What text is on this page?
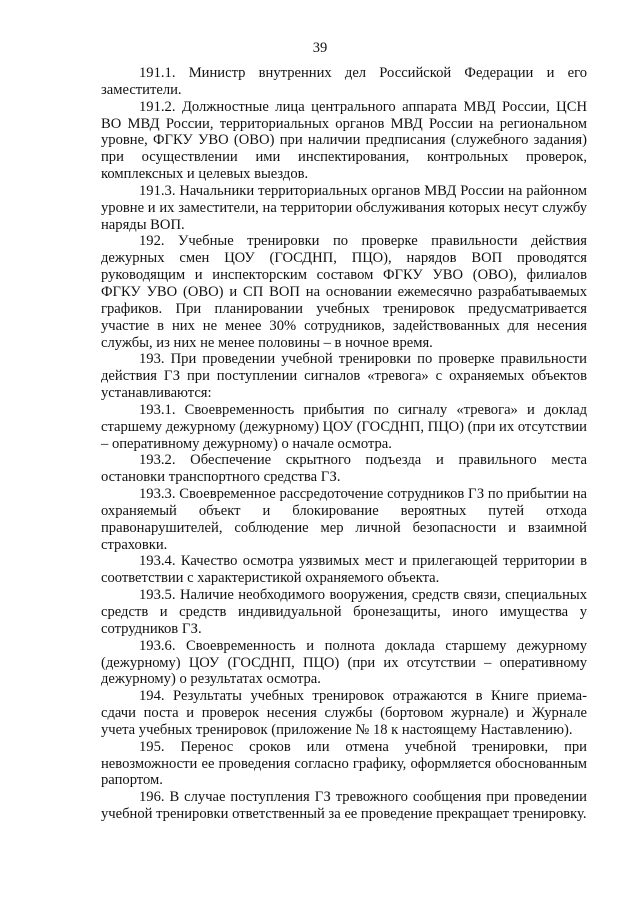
39

191.1. Министр внутренних дел Российской Федерации и его заместители.

191.2. Должностные лица центрального аппарата МВД России, ЦСН ВО МВД России, территориальных органов МВД России на региональном уровне, ФГКУ УВО (ОВО) при наличии предписания (служебного задания) при осуществлении ими инспектирования, контрольных проверок, комплексных и целевых выездов.

191.3. Начальники территориальных органов МВД России на районном уровне и их заместители, на территории обслуживания которых несут службу наряды ВОП.

192. Учебные тренировки по проверке правильности действия дежурных смен ЦОУ (ГОСДНП, ПЦО), нарядов ВОП проводятся руководящим и инспекторским составом ФГКУ УВО (ОВО), филиалов ФГКУ УВО (ОВО) и СП ВОП на основании ежемесячно разрабатываемых графиков. При планировании учебных тренировок предусматривается участие в них не менее 30% сотрудников, задействованных для несения службы, из них не менее половины – в ночное время.

193. При проведении учебной тренировки по проверке правильности действия ГЗ при поступлении сигналов «тревога» с охраняемых объектов устанавливаются:

193.1. Своевременность прибытия по сигналу «тревога» и доклад старшему дежурному (дежурному) ЦОУ (ГОСДНП, ПЦО) (при их отсутствии – оперативному дежурному) о начале осмотра.

193.2. Обеспечение скрытного подъезда и правильного места остановки транспортного средства ГЗ.

193.3. Своевременное рассредоточение сотрудников ГЗ по прибытии на охраняемый объект и блокирование вероятных путей отхода правонарушителей, соблюдение мер личной безопасности и взаимной страховки.

193.4. Качество осмотра уязвимых мест и прилегающей территории в соответствии с характеристикой охраняемого объекта.

193.5. Наличие необходимого вооружения, средств связи, специальных средств и средств индивидуальной бронезащиты, иного имущества у сотрудников ГЗ.

193.6. Своевременность и полнота доклада старшему дежурному (дежурному) ЦОУ (ГОСДНП, ПЦО) (при их отсутствии – оперативному дежурному) о результатах осмотра.

194. Результаты учебных тренировок отражаются в Книге приема-сдачи поста и проверок несения службы (бортовом журнале) и Журнале учета учебных тренировок (приложение № 18 к настоящему Наставлению).

195. Перенос сроков или отмена учебной тренировки, при невозможности ее проведения согласно графику, оформляется обоснованным рапортом.

196. В случае поступления ГЗ тревожного сообщения при проведении учебной тренировки ответственный за ее проведение прекращает тренировку.
